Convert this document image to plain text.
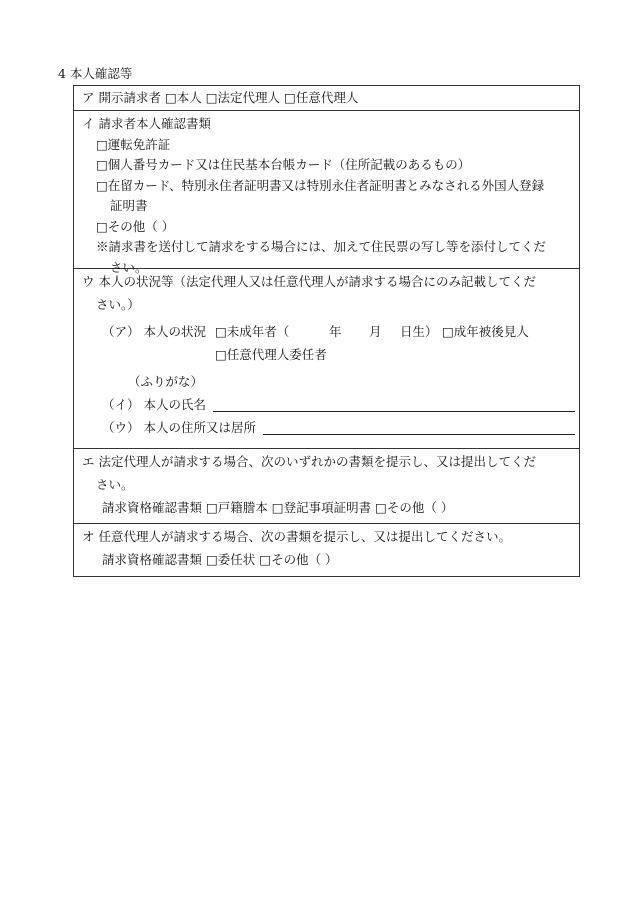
4 本人確認等
ア 開示請求者 □本人 □法定代理人 □任意代理人
イ 請求者本人確認書類
□運転免許証
□個人番号カード又は住民基本台帳カード（住所記載のあるもの）
□在留カード、特別永住者証明書又は特別永住者証明書とみなされる外国人登録
証明書
□その他（ ）
※請求書を送付して請求をする場合には、加えて住民票の写し等を添付してくだ
さい。
ウ 本人の状況等（法定代理人又は任意代理人が請求する場合にのみ記載してくだ
さい。）
（ア） 本人の状況 □未成年者（	年 月 日生） □成年被後見人
□任意代理人委任者
（ふりがな）
（イ） 本人の氏名
（ウ） 本人の住所又は居所
エ 法定代理人が請求する場合、次のいずれかの書類を提示し、又は提出してくだ
さい。
請求資格確認書類 □戸籍謄本 □登記事項証明書 □その他（ ）
オ 任意代理人が請求する場合、次の書類を提示し、又は提出してください。
請求資格確認書類 □委任状 □その他（ ）
